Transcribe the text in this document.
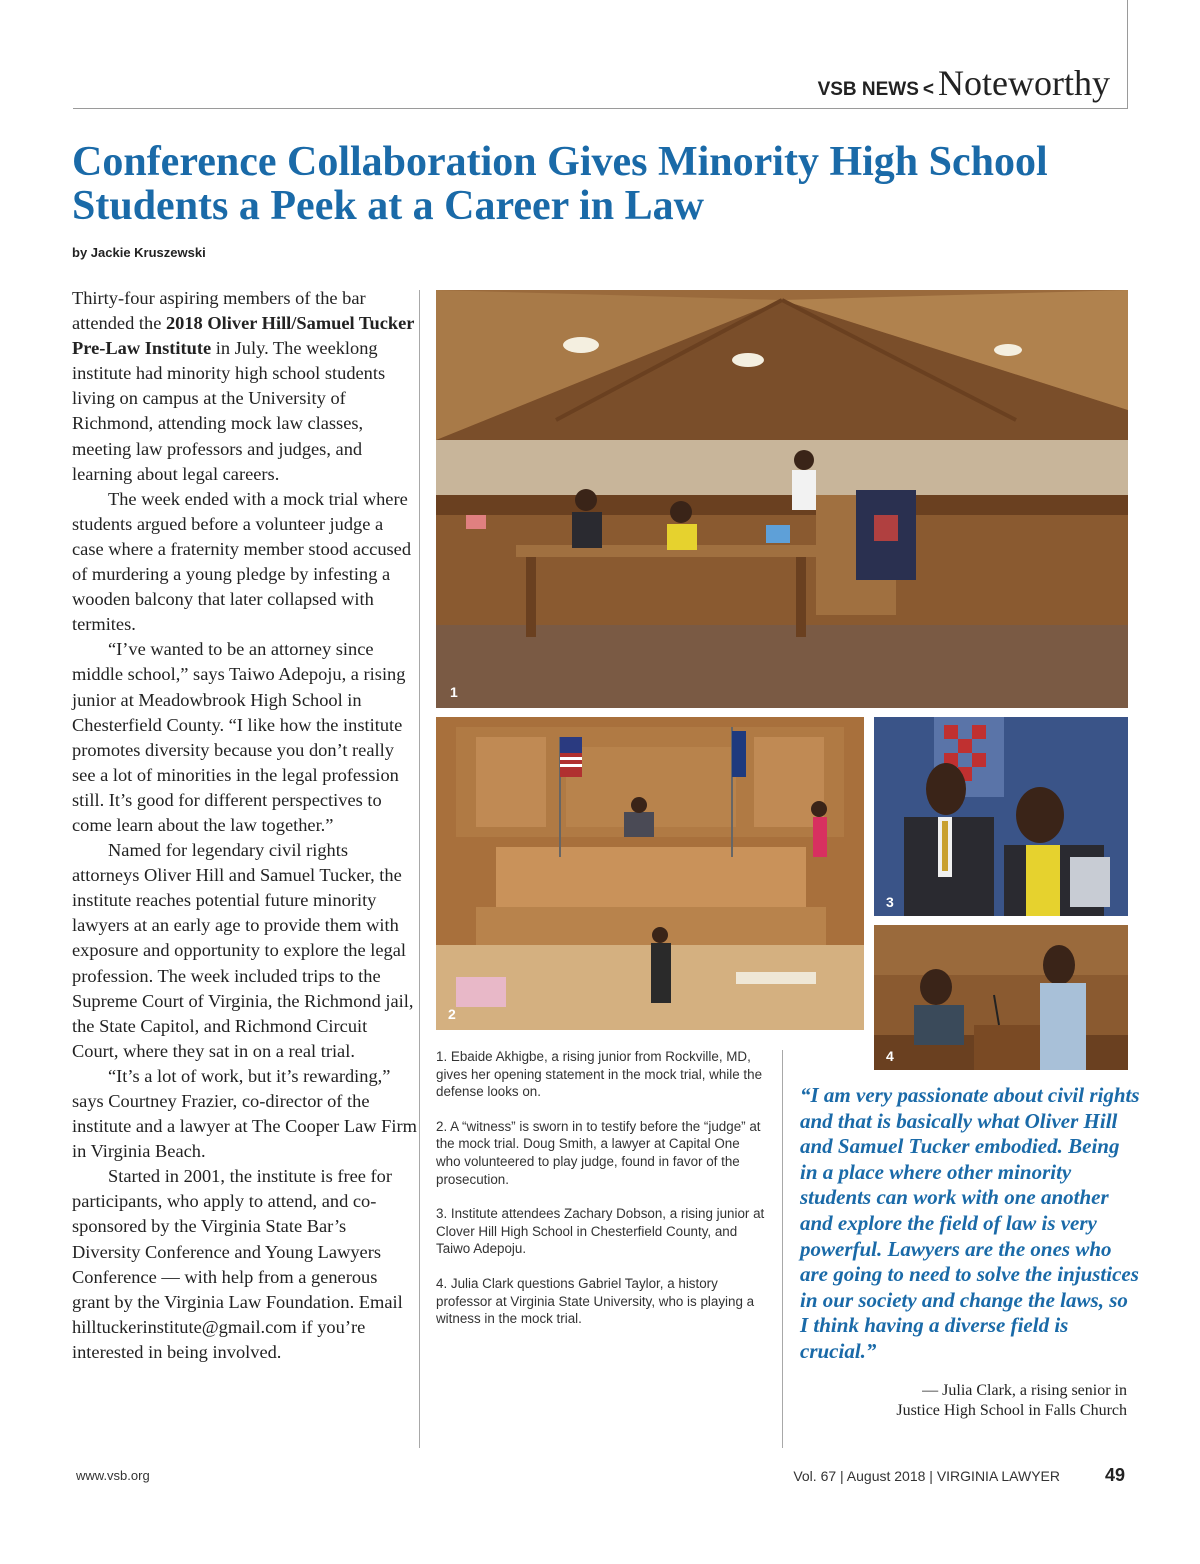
VSB NEWS < Noteworthy
Conference Collaboration Gives Minority High School Students a Peek at a Career in Law
by Jackie Kruszewski

Thirty-four aspiring members of the bar attended the 2018 Oliver Hill/Samuel Tucker Pre-Law Institute in July. The weeklong institute had minority high school students living on campus at the University of Richmond, attending mock law classes, meeting law professors and judges, and learning about legal careers.

The week ended with a mock trial where students argued before a volunteer judge a case where a fraternity member stood accused of murdering a young pledge by infesting a wooden balcony that later collapsed with termites.

“I’ve wanted to be an attorney since middle school,” says Taiwo Adepoju, a rising junior at Meadowbrook High School in Chesterfield County. “I like how the institute promotes diversity because you don’t really see a lot of minorities in the legal profession still. It’s good for different perspectives to come learn about the law together.”

Named for legendary civil rights attorneys Oliver Hill and Samuel Tucker, the institute reaches potential future minority lawyers at an early age to provide them with exposure and opportunity to explore the legal profession. The week included trips to the Supreme Court of Virginia, the Richmond jail, the State Capitol, and Richmond Circuit Court, where they sat in on a real trial.

“It’s a lot of work, but it’s rewarding,” says Courtney Frazier, co-director of the institute and a lawyer at The Cooper Law Firm in Virginia Beach.

Started in 2001, the institute is free for participants, who apply to attend, and co-sponsored by the Virginia State Bar’s Diversity Conference and Young Lawyers Conference — with help from a generous grant by the Virginia Law Foundation. Email hilltuckerinstitute@gmail.com if you’re interested in being involved.

1
2
3
4

1. Ebaide Akhigbe, a rising junior from Rockville, MD, gives her opening statement in the mock trial, while the defense looks on.

2. A “witness” is sworn in to testify before the “judge” at the mock trial. Doug Smith, a lawyer at Capital One who volunteered to play judge, found in favor of the prosecution.

3. Institute attendees Zachary Dobson, a rising junior at Clover Hill High School in Chesterfield County, and Taiwo Adepoju.

4. Julia Clark questions Gabriel Taylor, a history professor at Virginia State University, who is playing a witness in the mock trial.

“I am very passionate about civil rights and that is basically what Oliver Hill and Samuel Tucker embodied. Being in a place where other minority students can work with one another and explore the field of law is very powerful. Lawyers are the ones who are going to need to solve the injustices in our society and change the laws, so I think having a diverse field is crucial.”

— Julia Clark, a rising senior in
Justice High School in Falls Church
www.vsb.org	Vol. 67 | August 2018 | VIRGINIA LAWYER 49
